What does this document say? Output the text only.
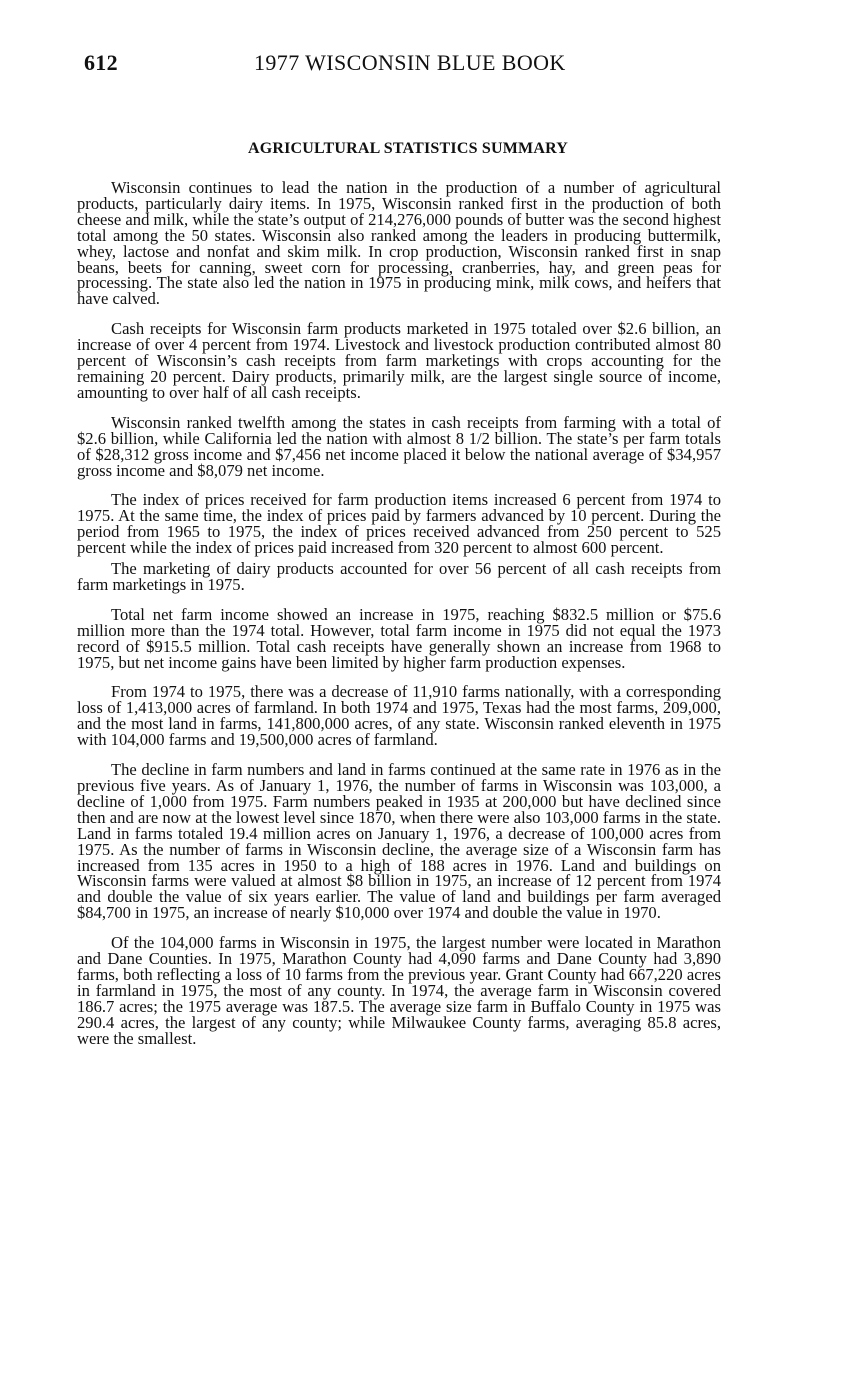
612	1977 WISCONSIN BLUE BOOK
AGRICULTURAL STATISTICS SUMMARY

Wisconsin continues to lead the nation in the production of a number of agricultural products, particularly dairy items. In 1975, Wisconsin ranked first in the production of both cheese and milk, while the state’s output of 214,276,000 pounds of butter was the second highest total among the 50 states. Wisconsin also ranked among the leaders in producing buttermilk, whey, lactose and nonfat and skim milk. In crop production, Wisconsin ranked first in snap beans, beets for canning, sweet corn for processing, cranberries, hay, and green peas for processing. The state also led the nation in 1975 in producing mink, milk cows, and heifers that have calved.

Cash receipts for Wisconsin farm products marketed in 1975 totaled over $2.6 billion, an increase of over 4 percent from 1974. Livestock and livestock production contributed almost 80 percent of Wisconsin’s cash receipts from farm marketings with crops accounting for the remaining 20 percent. Dairy products, primarily milk, are the largest single source of income, amounting to over half of all cash receipts.

Wisconsin ranked twelfth among the states in cash receipts from farming with a total of $2.6 billion, while California led the nation with almost 8 1/2 billion. The state’s per farm totals of $28,312 gross income and $7,456 net income placed it below the national average of $34,957 gross income and $8,079 net income.

The index of prices received for farm production items increased 6 percent from 1974 to 1975. At the same time, the index of prices paid by farmers advanced by 10 percent. During the period from 1965 to 1975, the index of prices received advanced from 250 percent to 525 percent while the index of prices paid increased from 320 percent to almost 600 percent.

The marketing of dairy products accounted for over 56 percent of all cash receipts from farm marketings in 1975.

Total net farm income showed an increase in 1975, reaching $832.5 million or $75.6 million more than the 1974 total. However, total farm income in 1975 did not equal the 1973 record of $915.5 million. Total cash receipts have generally shown an increase from 1968 to 1975, but net income gains have been limited by higher farm production expenses.

From 1974 to 1975, there was a decrease of 11,910 farms nationally, with a corresponding loss of 1,413,000 acres of farmland. In both 1974 and 1975, Texas had the most farms, 209,000, and the most land in farms, 141,800,000 acres, of any state. Wisconsin ranked eleventh in 1975 with 104,000 farms and 19,500,000 acres of farmland.

The decline in farm numbers and land in farms continued at the same rate in 1976 as in the previous five years. As of January 1, 1976, the number of farms in Wisconsin was 103,000, a decline of 1,000 from 1975. Farm numbers peaked in 1935 at 200,000 but have declined since then and are now at the lowest level since 1870, when there were also 103,000 farms in the state. Land in farms totaled 19.4 million acres on January 1, 1976, a decrease of 100,000 acres from 1975. As the number of farms in Wisconsin decline, the average size of a Wisconsin farm has increased from 135 acres in 1950 to a high of 188 acres in 1976. Land and buildings on Wisconsin farms were valued at almost $8 billion in 1975, an increase of 12 percent from 1974 and double the value of six years earlier. The value of land and buildings per farm averaged $84,700 in 1975, an increase of nearly $10,000 over 1974 and double the value in 1970.

Of the 104,000 farms in Wisconsin in 1975, the largest number were located in Marathon and Dane Counties. In 1975, Marathon County had 4,090 farms and Dane County had 3,890 farms, both reflecting a loss of 10 farms from the previous year. Grant County had 667,220 acres in farmland in 1975, the most of any county. In 1974, the average farm in Wisconsin covered 186.7 acres; the 1975 average was 187.5. The average size farm in Buffalo County in 1975 was 290.4 acres, the largest of any county; while Milwaukee County farms, averaging 85.8 acres, were the smallest.
